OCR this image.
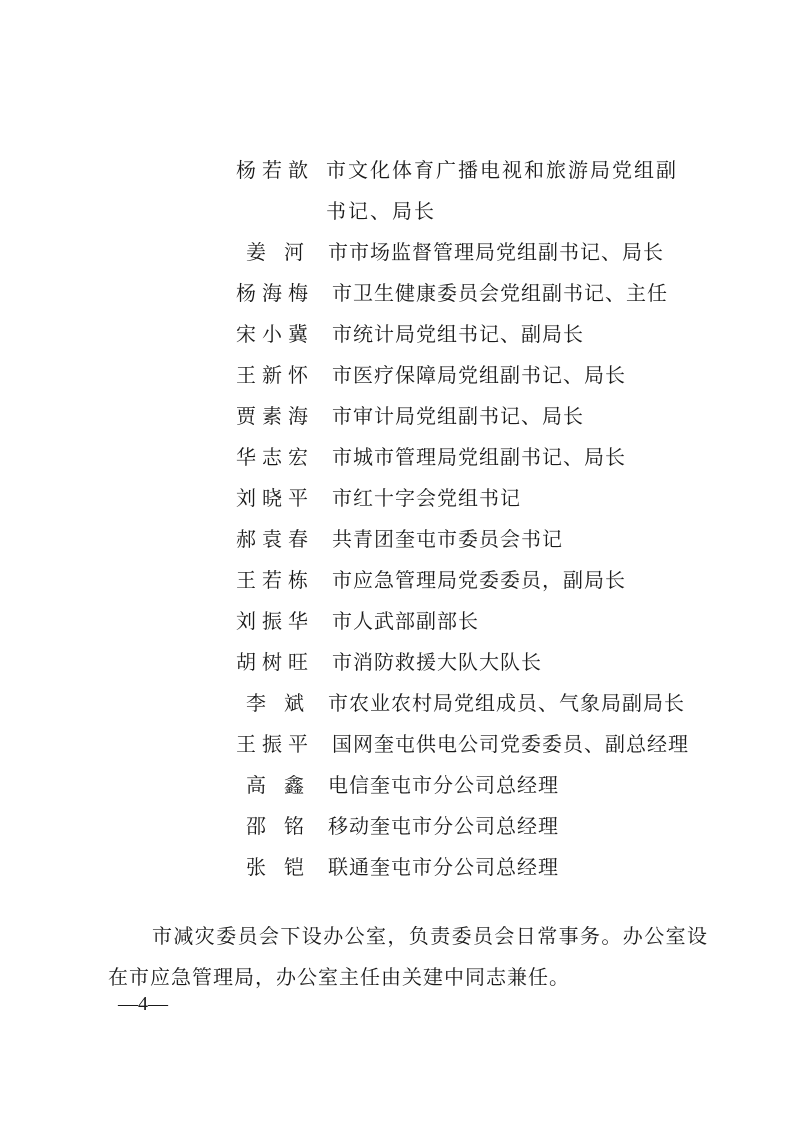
杨若歆 市文化体育广播电视和旅游局党组副书记、局长
姜河 市市场监督管理局党组副书记、局长
杨海梅 市卫生健康委员会党组副书记、主任
宋小冀 市统计局党组书记、副局长
王新怀 市医疗保障局党组副书记、局长
贾素海 市审计局党组副书记、局长
华志宏 市城市管理局党组副书记、局长
刘晓平 市红十字会党组书记
郝袁春 共青团奎屯市委员会书记
王若栋 市应急管理局党委委员，副局长
刘振华 市人武部副部长
胡树旺 市消防救援大队大队长
李斌 市农业农村局党组成员、气象局副局长
王振平 国网奎屯供电公司党委委员、副总经理
高鑫 电信奎屯市分公司总经理
邵铭 移动奎屯市分公司总经理
张铠 联通奎屯市分公司总经理

市减灾委员会下设办公室，负责委员会日常事务。办公室设在市应急管理局，办公室主任由关建中同志兼任。

—4—
